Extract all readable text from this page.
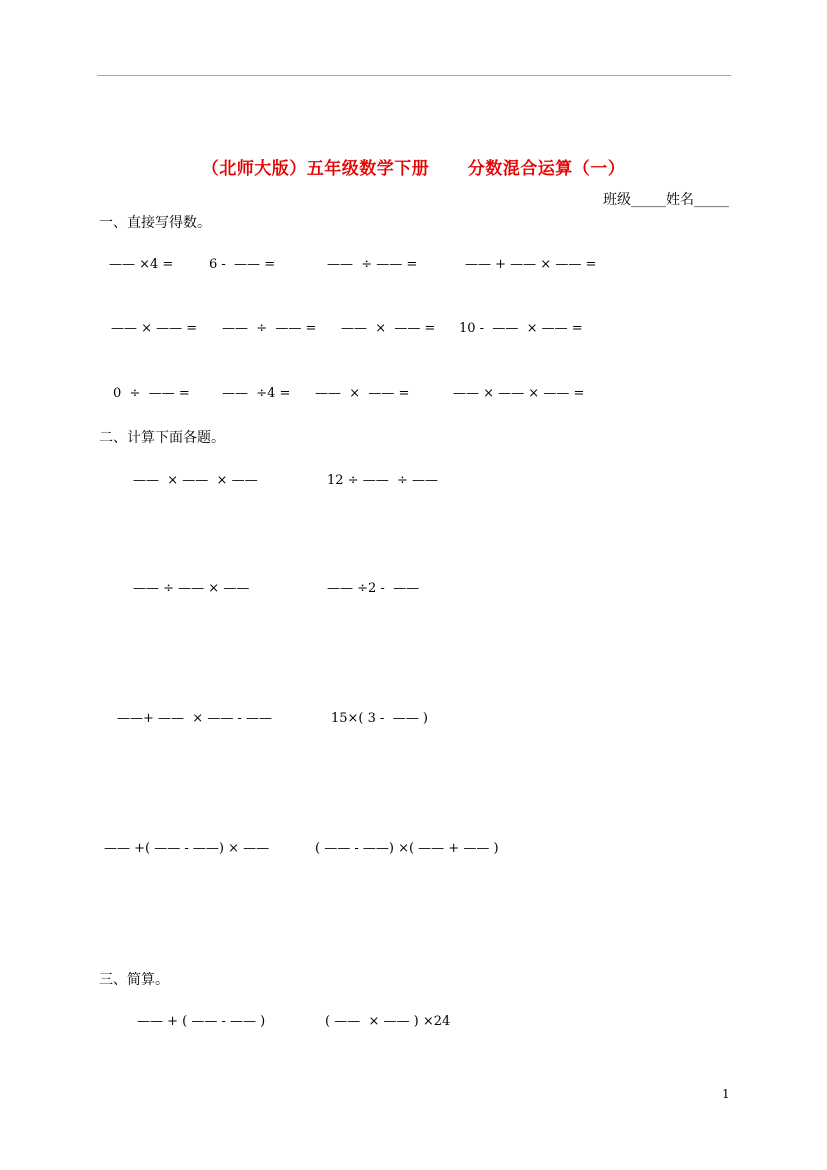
（北师大版）五年级数学下册      分数混合运算（一）
班级_____姓名_____
一、直接写得数。
—— ×4 =	6 -  —— =	——  ÷ —— =	—— + —— × —— =
—— × —— = ——  ÷  —— = ——  ×  —— = 10 -  ——  × —— =
0  ÷  —— = ——  ÷4 = ——  ×  —— =	—— × —— × —— =
二、计算下面各题。
——  × ——  × ——	12 ÷ ——  ÷ ——
—— ÷ —— × ——	—— ÷2 -  ——
——+ ——  × —— - ——	15×( 3 -  —— )
—— +( —— - ——) × ——	( —— - ——) ×( —— + —— )
三、简算。
—— + ( —— - —— )	( ——  × —— ) ×24
1
